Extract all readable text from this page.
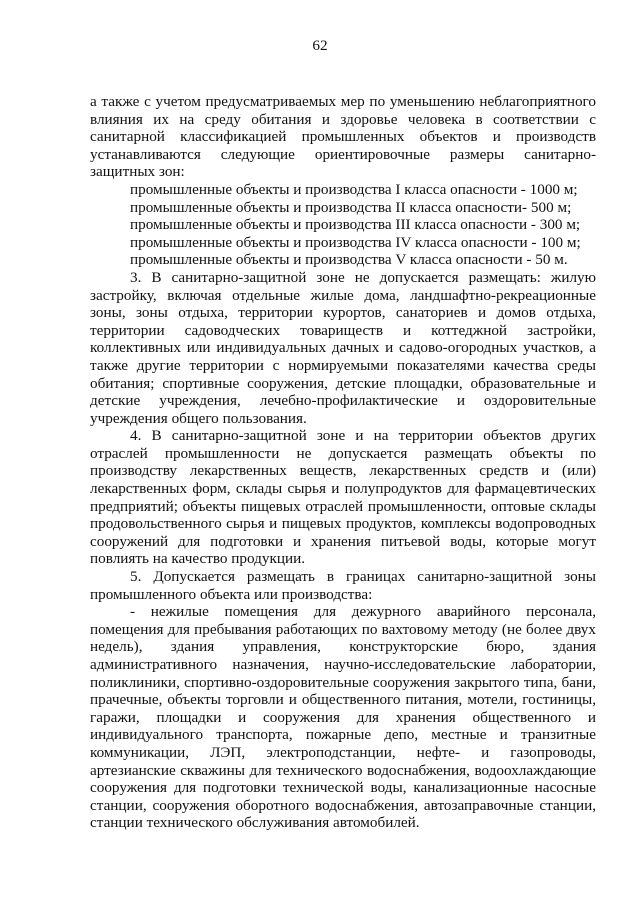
62

а также с учетом предусматриваемых мер по уменьшению неблагоприятного влияния их на среду обитания и здоровье человека в соответствии с санитарной классификацией промышленных объектов и производств устанавливаются следующие ориентировочные размеры санитарно-защитных зон:

промышленные объекты и производства I класса опасности - 1000 м;
промышленные объекты и производства II класса опасности- 500 м;
промышленные объекты и производства III класса опасности - 300 м;
промышленные объекты и производства IV класса опасности - 100 м;
промышленные объекты и производства V класса опасности - 50 м.

3. В санитарно-защитной зоне не допускается размещать: жилую застройку, включая отдельные жилые дома, ландшафтно-рекреационные зоны, зоны отдыха, территории курортов, санаториев и домов отдыха, территории садоводческих товариществ и коттеджной застройки, коллективных или индивидуальных дачных и садово-огородных участков, а также другие территории с нормируемыми показателями качества среды обитания; спортивные сооружения, детские площадки, образовательные и детские учреждения, лечебно-профилактические и оздоровительные учреждения общего пользования.

4. В санитарно-защитной зоне и на территории объектов других отраслей промышленности не допускается размещать объекты по производству лекарственных веществ, лекарственных средств и (или) лекарственных форм, склады сырья и полупродуктов для фармацевтических предприятий; объекты пищевых отраслей промышленности, оптовые склады продовольственного сырья и пищевых продуктов, комплексы водопроводных сооружений для подготовки и хранения питьевой воды, которые могут повлиять на качество продукции.

5. Допускается размещать в границах санитарно-защитной зоны промышленного объекта или производства:

- нежилые помещения для дежурного аварийного персонала, помещения для пребывания работающих по вахтовому методу (не более двух недель), здания управления, конструкторские бюро, здания административного назначения, научно-исследовательские лаборатории, поликлиники, спортивно-оздоровительные сооружения закрытого типа, бани, прачечные, объекты торговли и общественного питания, мотели, гостиницы, гаражи, площадки и сооружения для хранения общественного и индивидуального транспорта, пожарные депо, местные и транзитные коммуникации, ЛЭП, электроподстанции, нефте- и газопроводы, артезианские скважины для технического водоснабжения, водоохлаждающие сооружения для подготовки технической воды, канализационные насосные станции, сооружения оборотного водоснабжения, автозаправочные станции, станции технического обслуживания автомобилей.
